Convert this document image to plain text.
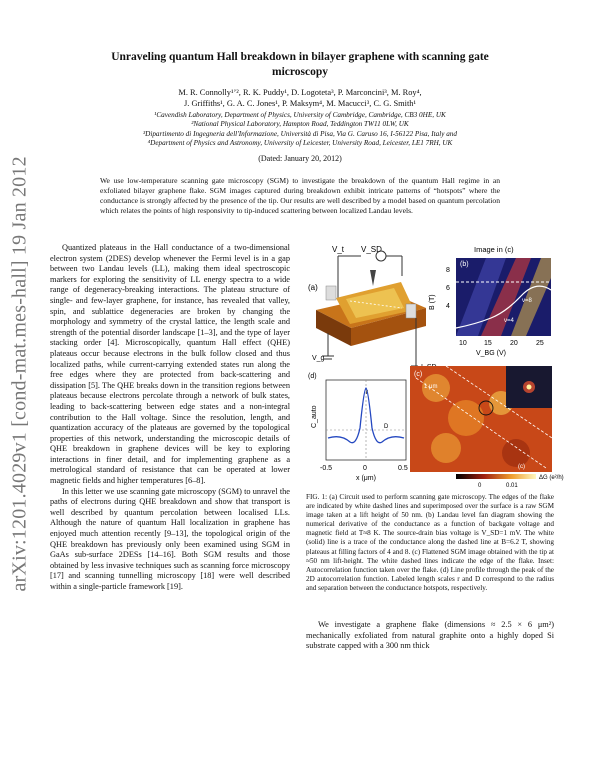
Unraveling quantum Hall breakdown in bilayer graphene with scanning gate
microscopy
M. R. Connolly¹ʼ², R. K. Puddy¹, D. Logoteta³, P. Marconcini³, M. Roy⁴,
J. Griffiths¹, G. A. C. Jones¹, P. Maksym⁴, M. Macucci³, C. G. Smith¹
¹Cavendish Laboratory, Department of Physics, University of Cambridge, Cambridge, CB3 0HE, UK
²National Physical Laboratory, Hampton Road, Teddington TW11 0LW, UK
³Dipartimento di Ingegneria dell'Informazione, Università di Pisa, Via G. Caruso 16, I-56122 Pisa, Italy and
⁴Department of Physics and Astronomy, University of Leicester, University Road, Leicester, LE1 7RH, UK
(Dated: January 20, 2012)
We use low-temperature scanning gate microscopy (SGM) to investigate the breakdown of the quantum Hall regime in an exfoliated bilayer graphene flake. SGM images captured during breakdown exhibit intricate patterns of “hotspots” where the conductance is strongly affected by the presence of the tip. Our results are well described by a model based on quantum percolation which relates the points of high responsivity to tip-induced scattering between localized Landau levels.
arXiv:1201.4029v1 [cond-mat.mes-hall] 19 Jan 2012	Quantized plateaus in the Hall conductance of a two-dimensional electron system (2DES) develop whenever the Fermi level is in a gap between two Landau levels (LL), making them ideal spectroscopic markers for exploring the sensitivity of LL energy spectra to a wide range of degeneracy-breaking interactions. The plateau structure of single- and few-layer graphene, for instance, has revealed that valley, spin, and sublattice degeneracies are broken by changing the morphology and symmetry of the crystal lattice, the length scale and strength of the potential disorder landscape [1–3], and the type of layer stacking order [4]. Microscopically, quantum Hall effect (QHE) plateaus occur because electrons in the bulk follow closed and thus localized paths, while current-carrying extended states run along the free edges where they are protected from back-scattering and dissipation [5]. The QHE breaks down in the transition regions between plateaus because electrons percolate through a network of bulk states, leading to back-scattering between edge states and a non-integral contribution to the Hall voltage. Since the resolution, length, and quantization accuracy of the plateaus are governed by the topological properties of this network, understanding the microscopic details of QHE breakdown in graphene devices will be key to exploring interactions in finer detail, and for implementing graphene as a metrological standard of resistance that can be operated at lower magnetic fields and higher temperatures [6–8].

In this letter we use scanning gate microscopy (SGM) to unravel the paths of electrons during QHE breakdown and show that transport is well described by quantum percolation between localised LLs. Although the nature of quantum Hall localization in graphene has enjoyed much attention recently [9–13], the topological origin of the QHE breakdown has previously only been examined using SGM in GaAs sub-surface 2DESs [14–16]. Both SGM results and those obtained by less invasive techniques such as scanning force microscopy [17] and scanning tunnelling microscopy [18] were well described within a single-particle framework [19].

(a)
V_t V_SD
V_g
(b)
Image in (c)
ν=8
ν=4
8
6
4
B (T)
10 15	20	25
V_BG (V)
(d)
C_auto
r
D
-0.5	0	0.5
x (μm)
(c)
1 μm
(c)
ΔG (e²/h)
0	0.01
FIG. 1: (a) Circuit used to perform scanning gate microscopy. The edges of the flake are indicated by white dashed lines and superimposed over the surface is a raw SGM image taken at a lift height of 50 nm. (b) Landau level fan diagram showing the numerical derivative of the conductance as a function of backgate voltage and magnetic field at T≈8 K. The source-drain bias voltage is V_SD=1 mV. The white (solid) line is a trace of the conductance along the dashed line at B=6.2 T, showing plateaus at filling factors of 4 and 8. (c) Flattened SGM image obtained with the tip at ≈50 nm lift-height. The white dashed lines indicate the edge of the flake. Inset: Autocorrelation function taken over the flake. (d) Line profile through the peak of the 2D autocorrelation function. Labeled length scales r and D correspond to the radius and separation between the conductance hotspots, respectively.

We investigate a graphene flake (dimensions ≈ 2.5 × 6 μm²) mechanically exfoliated from natural graphite onto a highly doped Si substrate capped with a 300 nm thick
